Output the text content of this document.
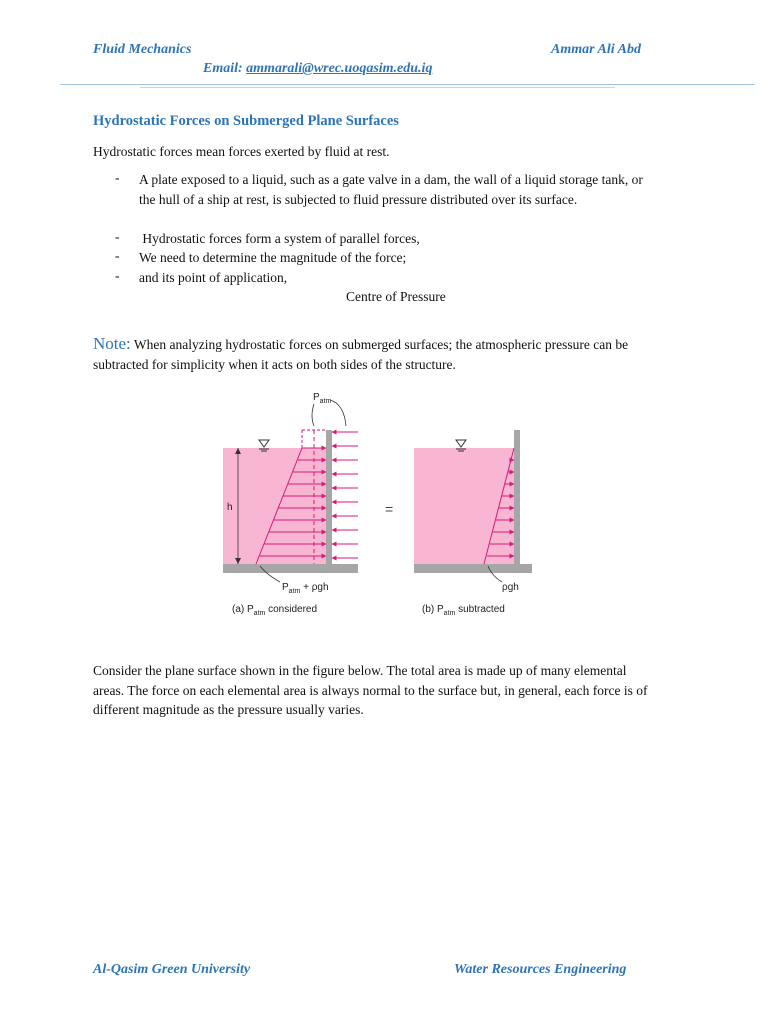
Fluid Mechanics	Ammar Ali Abd
Email: ammarali@wrec.uoqasim.edu.iq
Hydrostatic Forces on Submerged Plane Surfaces
Hydrostatic forces mean forces exerted by fluid at rest.
- A plate exposed to a liquid, such as a gate valve in a dam, the wall of a liquid storage tank, or the hull of a ship at rest, is subjected to fluid pressure distributed over its surface.
- Hydrostatic forces form a system of parallel forces,
- We need to determine the magnitude of the force;
- and its point of application,
Centre of Pressure
Note: When analyzing hydrostatic forces on submerged surfaces; the atmospheric pressure can be subtracted for simplicity when it acts on both sides of the structure.
h
$P_{atm}$
$P_{atm} + \rho gh$
(a) $P_{atm}$ considered
=
ρgh
(b) $P_{atm}$ subtracted
Consider the plane surface shown in the figure below. The total area is made up of many elemental areas. The force on each elemental area is always normal to the surface but, in general, each force is of different magnitude as the pressure usually varies.
Al-Qasim Green University	Water Resources Engineering
